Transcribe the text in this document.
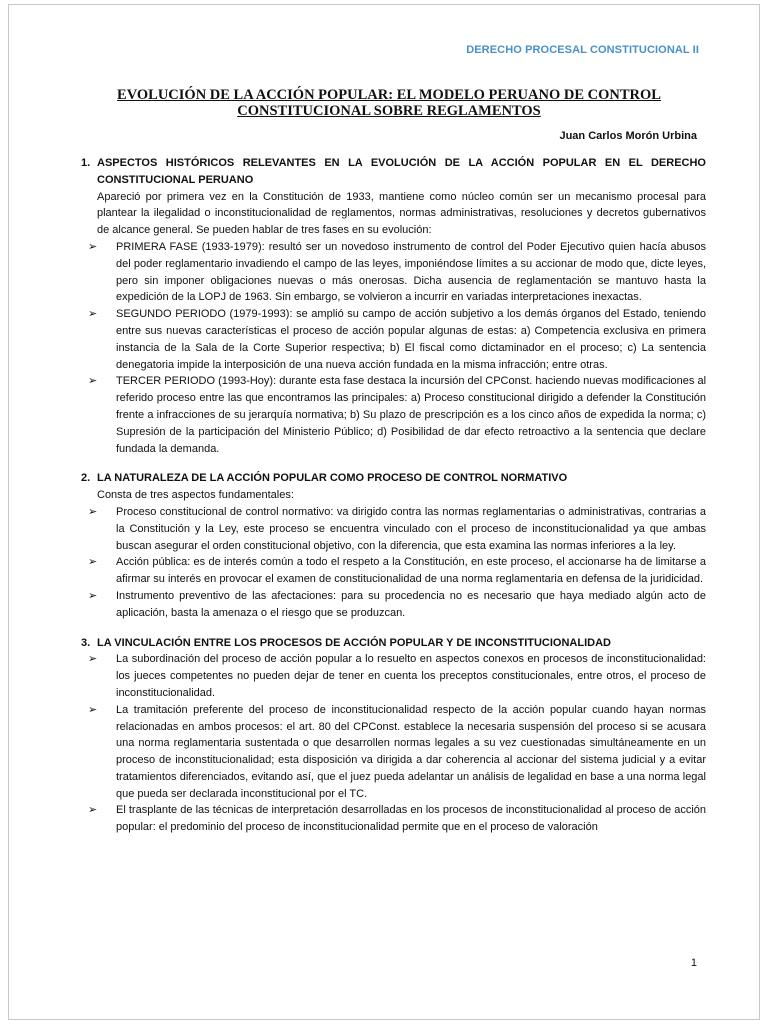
DERECHO PROCESAL CONSTITUCIONAL II
EVOLUCIÓN DE LA ACCIÓN POPULAR: EL MODELO PERUANO DE CONTROL
CONSTITUCIONAL SOBRE REGLAMENTOS
Juan Carlos Morón Urbina
1. ASPECTOS HISTÓRICOS RELEVANTES EN LA EVOLUCIÓN DE LA ACCIÓN POPULAR EN EL DERECHO CONSTITUCIONAL PERUANO

Apareció por primera vez en la Constitución de 1933, mantiene como núcleo común ser un mecanismo procesal para plantear la ilegalidad o inconstitucionalidad de reglamentos, normas administrativas, resoluciones y decretos gubernativos de alcance general. Se pueden hablar de tres fases en su evolución:

➢ PRIMERA FASE (1933-1979): resultó ser un novedoso instrumento de control del Poder Ejecutivo quien hacía abusos del poder reglamentario invadiendo el campo de las leyes, imponiéndose límites a su accionar de modo que, dicte leyes, pero sin imponer obligaciones nuevas o más onerosas. Dicha ausencia de reglamentación se mantuvo hasta la expedición de la LOPJ de 1963. Sin embargo, se volvieron a incurrir en variadas interpretaciones inexactas.
➢ SEGUNDO PERIODO (1979-1993): se amplió su campo de acción subjetivo a los demás órganos del Estado, teniendo entre sus nuevas características el proceso de acción popular algunas de estas: a) Competencia exclusiva en primera instancia de la Sala de la Corte Superior respectiva; b) El fiscal como dictaminador en el proceso; c) La sentencia denegatoria impide la interposición de una nueva acción fundada en la misma infracción; entre otras.
➢ TERCER PERIODO (1993-Hoy): durante esta fase destaca la incursión del CPConst. haciendo nuevas modificaciones al referido proceso entre las que encontramos las principales: a) Proceso constitucional dirigido a defender la Constitución frente a infracciones de su jerarquía normativa; b) Su plazo de prescripción es a los cinco años de expedida la norma; c) Supresión de la participación del Ministerio Público; d) Posibilidad de dar efecto retroactivo a la sentencia que declare fundada la demanda.
2. LA NATURALEZA DE LA ACCIÓN POPULAR COMO PROCESO DE CONTROL NORMATIVO

Consta de tres aspectos fundamentales:

➢ Proceso constitucional de control normativo: va dirigido contra las normas reglamentarias o administrativas, contrarias a la Constitución y la Ley, este proceso se encuentra vinculado con el proceso de inconstitucionalidad ya que ambas buscan asegurar el orden constitucional objetivo, con la diferencia, que esta examina las normas inferiores a la ley.
➢ Acción pública: es de interés común a todo el respeto a la Constitución, en este proceso, el accionarse ha de limitarse a afirmar su interés en provocar el examen de constitucionalidad de una norma reglamentaria en defensa de la juridicidad.
➢ Instrumento preventivo de las afectaciones: para su procedencia no es necesario que haya mediado algún acto de aplicación, basta la amenaza o el riesgo que se produzcan.
3. LA VINCULACIÓN ENTRE LOS PROCESOS DE ACCIÓN POPULAR Y DE INCONSTITUCIONALIDAD
➢ La subordinación del proceso de acción popular a lo resuelto en aspectos conexos en procesos de inconstitucionalidad: los jueces competentes no pueden dejar de tener en cuenta los preceptos constitucionales, entre otros, el proceso de inconstitucionalidad.
➢ La tramitación preferente del proceso de inconstitucionalidad respecto de la acción popular cuando hayan normas relacionadas en ambos procesos: el art. 80 del CPConst. establece la necesaria suspensión del proceso si se acusara una norma reglamentaria sustentada o que desarrollen normas legales a su vez cuestionadas simultáneamente en un proceso de inconstitucionalidad; esta disposición va dirigida a dar coherencia al accionar del sistema judicial y a evitar tratamientos diferenciados, evitando así, que el juez pueda adelantar un análisis de legalidad en base a una norma legal que pueda ser declarada inconstitucional por el TC.
➢ El trasplante de las técnicas de interpretación desarrolladas en los procesos de inconstitucionalidad al proceso de acción popular: el predominio del proceso de inconstitucionalidad permite que en el proceso de valoración
1
